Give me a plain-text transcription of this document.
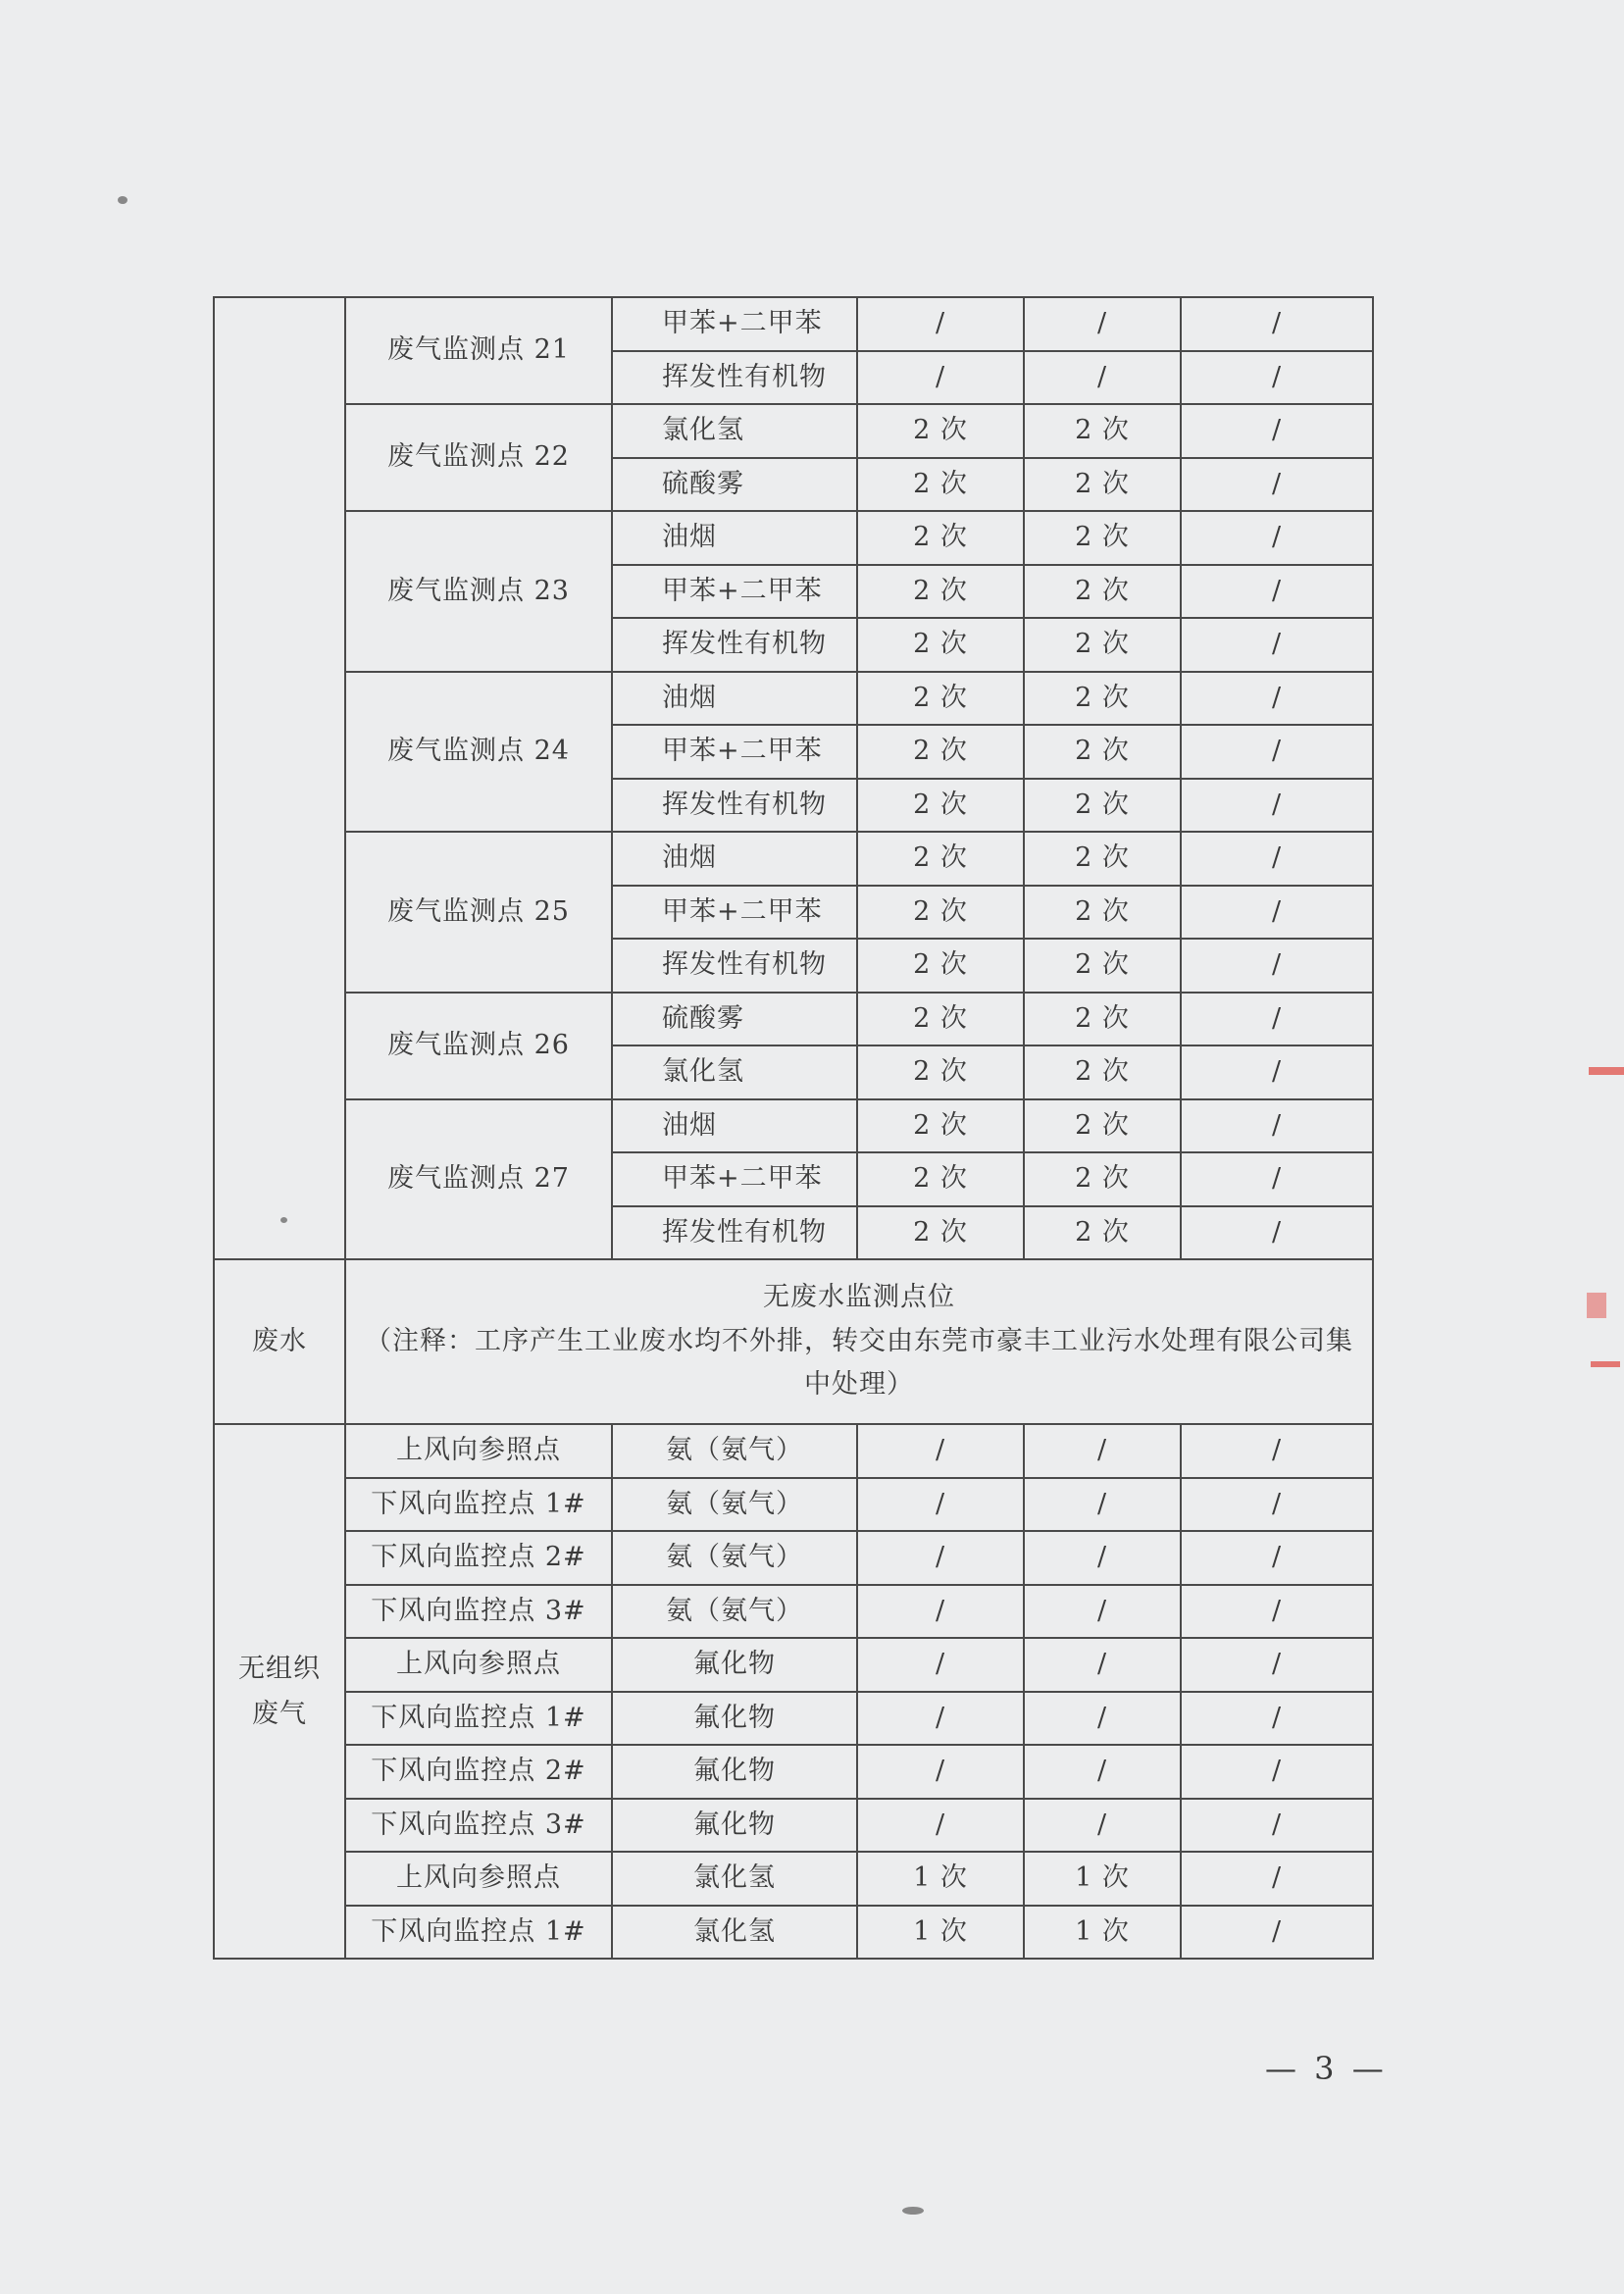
	废气监测点 21	甲苯+二甲苯	/	/	/
		挥发性有机物	/	/	/
	废气监测点 22	氯化氢	2 次	2 次	/
		硫酸雾	2 次	2 次	/
	废气监测点 23	油烟	2 次	2 次	/
		甲苯+二甲苯	2 次	2 次	/
		挥发性有机物	2 次	2 次	/
	废气监测点 24	油烟	2 次	2 次	/
		甲苯+二甲苯	2 次	2 次	/
		挥发性有机物	2 次	2 次	/
	废气监测点 25	油烟	2 次	2 次	/
		甲苯+二甲苯	2 次	2 次	/
		挥发性有机物	2 次	2 次	/
	废气监测点 26	硫酸雾	2 次	2 次	/
		氯化氢	2 次	2 次	/
	废气监测点 27	油烟	2 次	2 次	/
		甲苯+二甲苯	2 次	2 次	/
		挥发性有机物	2 次	2 次	/
废水	无废水监测点位
（注释：工序产生工业废水均不外排，转交由东莞市豪丰工业污水处理有限公司集
中处理）				

无组织
废气	上风向参照点	氨（氨气）	/	/	/
	下风向监控点 1#	氨（氨气）	/	/	/
	下风向监控点 2#	氨（氨气）	/	/	/
	下风向监控点 3#	氨（氨气）	/	/	/
	上风向参照点	氟化物	/	/	/
	下风向监控点 1#	氟化物	/	/	/
	下风向监控点 2#	氟化物	/	/	/
	下风向监控点 3#	氟化物	/	/	/
	上风向参照点	氯化氢	1 次	1 次	/
	下风向监控点 1#	氯化氢	1 次	1 次	/
— 3 —
